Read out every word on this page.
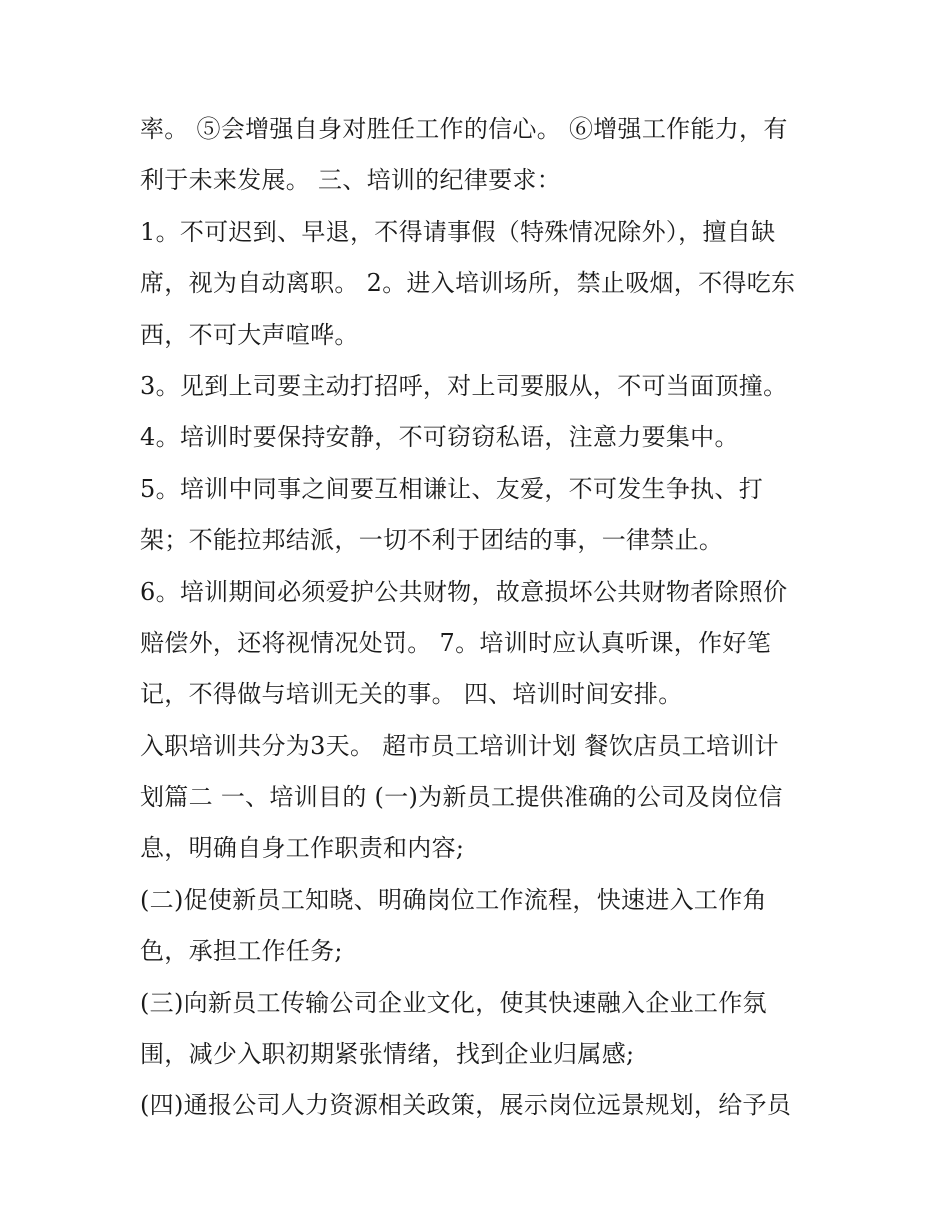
率。 ⑤会增强自身对胜任工作的信心。 ⑥增强工作能力，有
利于未来发展。 三、培训的纪律要求：
1。不可迟到、早退，不得请事假（特殊情况除外），擅自缺
席，视为自动离职。 2。进入培训场所，禁止吸烟，不得吃东
西，不可大声喧哗。
3。见到上司要主动打招呼，对上司要服从，不可当面顶撞。
4。培训时要保持安静，不可窃窃私语，注意力要集中。
5。培训中同事之间要互相谦让、友爱，不可发生争执、打
架；不能拉邦结派，一切不利于团结的事，一律禁止。
6。培训期间必须爱护公共财物，故意损坏公共财物者除照价
赔偿外，还将视情况处罚。 7。培训时应认真听课，作好笔
记，不得做与培训无关的事。 四、培训时间安排。
入职培训共分为3天。 超市员工培训计划 餐饮店员工培训计
划篇二 一、培训目的 (一)为新员工提供准确的公司及岗位信
息，明确自身工作职责和内容;
(二)促使新员工知晓、明确岗位工作流程，快速进入工作角
色，承担工作任务;
(三)向新员工传输公司企业文化，使其快速融入企业工作氛
围，减少入职初期紧张情绪，找到企业归属感;
(四)通报公司人力资源相关政策，展示岗位远景规划，给予员
